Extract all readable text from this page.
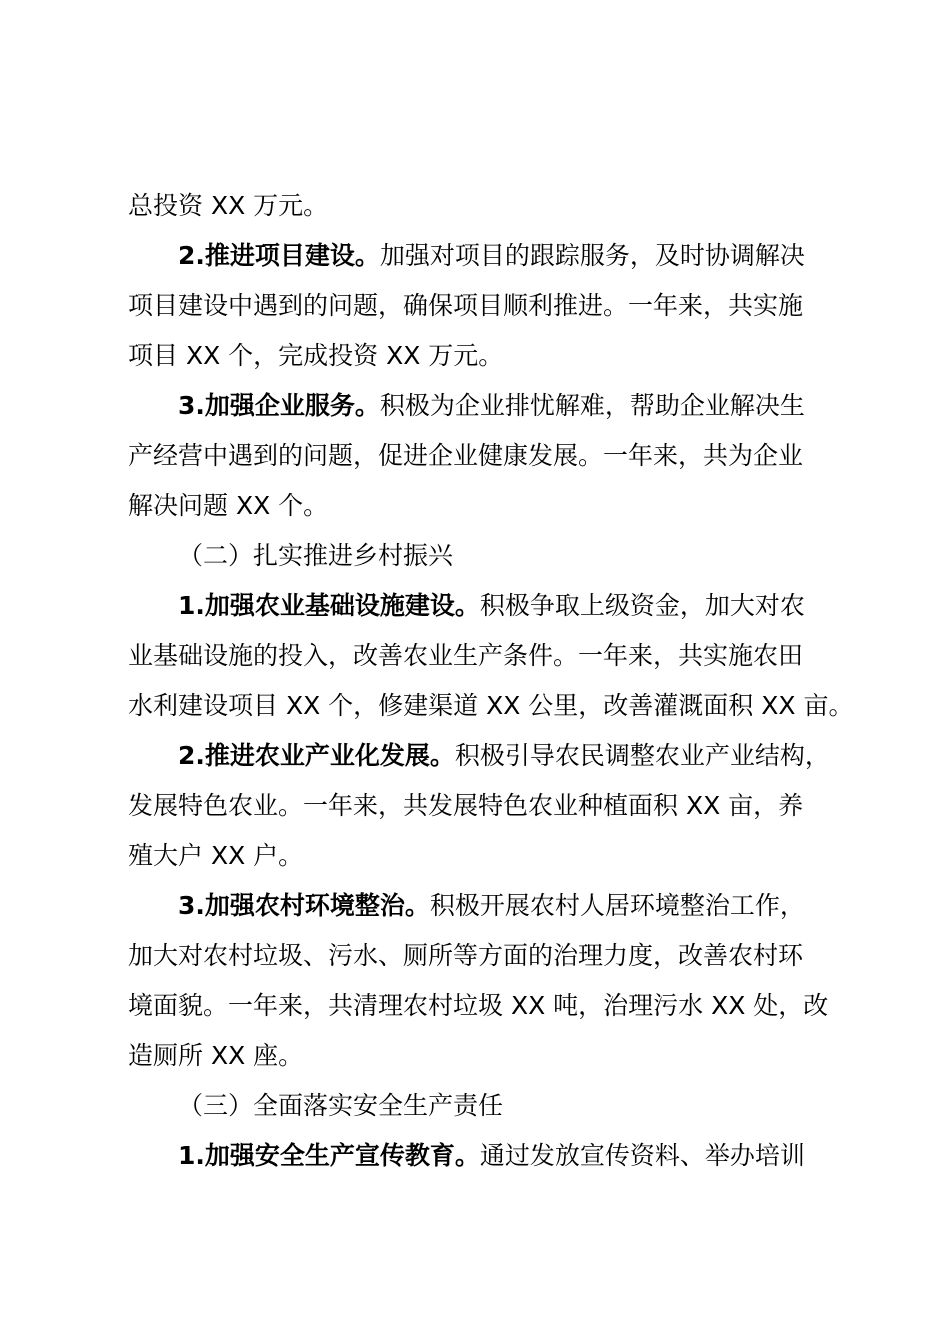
总投资 XX 万元。
2.推进项目建设。加强对项目的跟踪服务，及时协调解决
项目建设中遇到的问题，确保项目顺利推进。一年来，共实施
项目 XX 个，完成投资 XX 万元。
3.加强企业服务。积极为企业排忧解难，帮助企业解决生
产经营中遇到的问题，促进企业健康发展。一年来，共为企业
解决问题 XX 个。
（二）扎实推进乡村振兴
1.加强农业基础设施建设。积极争取上级资金，加大对农
业基础设施的投入，改善农业生产条件。一年来，共实施农田
水利建设项目 XX 个，修建渠道 XX 公里，改善灌溉面积 XX 亩。
2.推进农业产业化发展。积极引导农民调整农业产业结构，
发展特色农业。一年来，共发展特色农业种植面积 XX 亩，养
殖大户 XX 户。
3.加强农村环境整治。积极开展农村人居环境整治工作，
加大对农村垃圾、污水、厕所等方面的治理力度，改善农村环
境面貌。一年来，共清理农村垃圾 XX 吨，治理污水 XX 处，改
造厕所 XX 座。
（三）全面落实安全生产责任
1.加强安全生产宣传教育。通过发放宣传资料、举办培训
